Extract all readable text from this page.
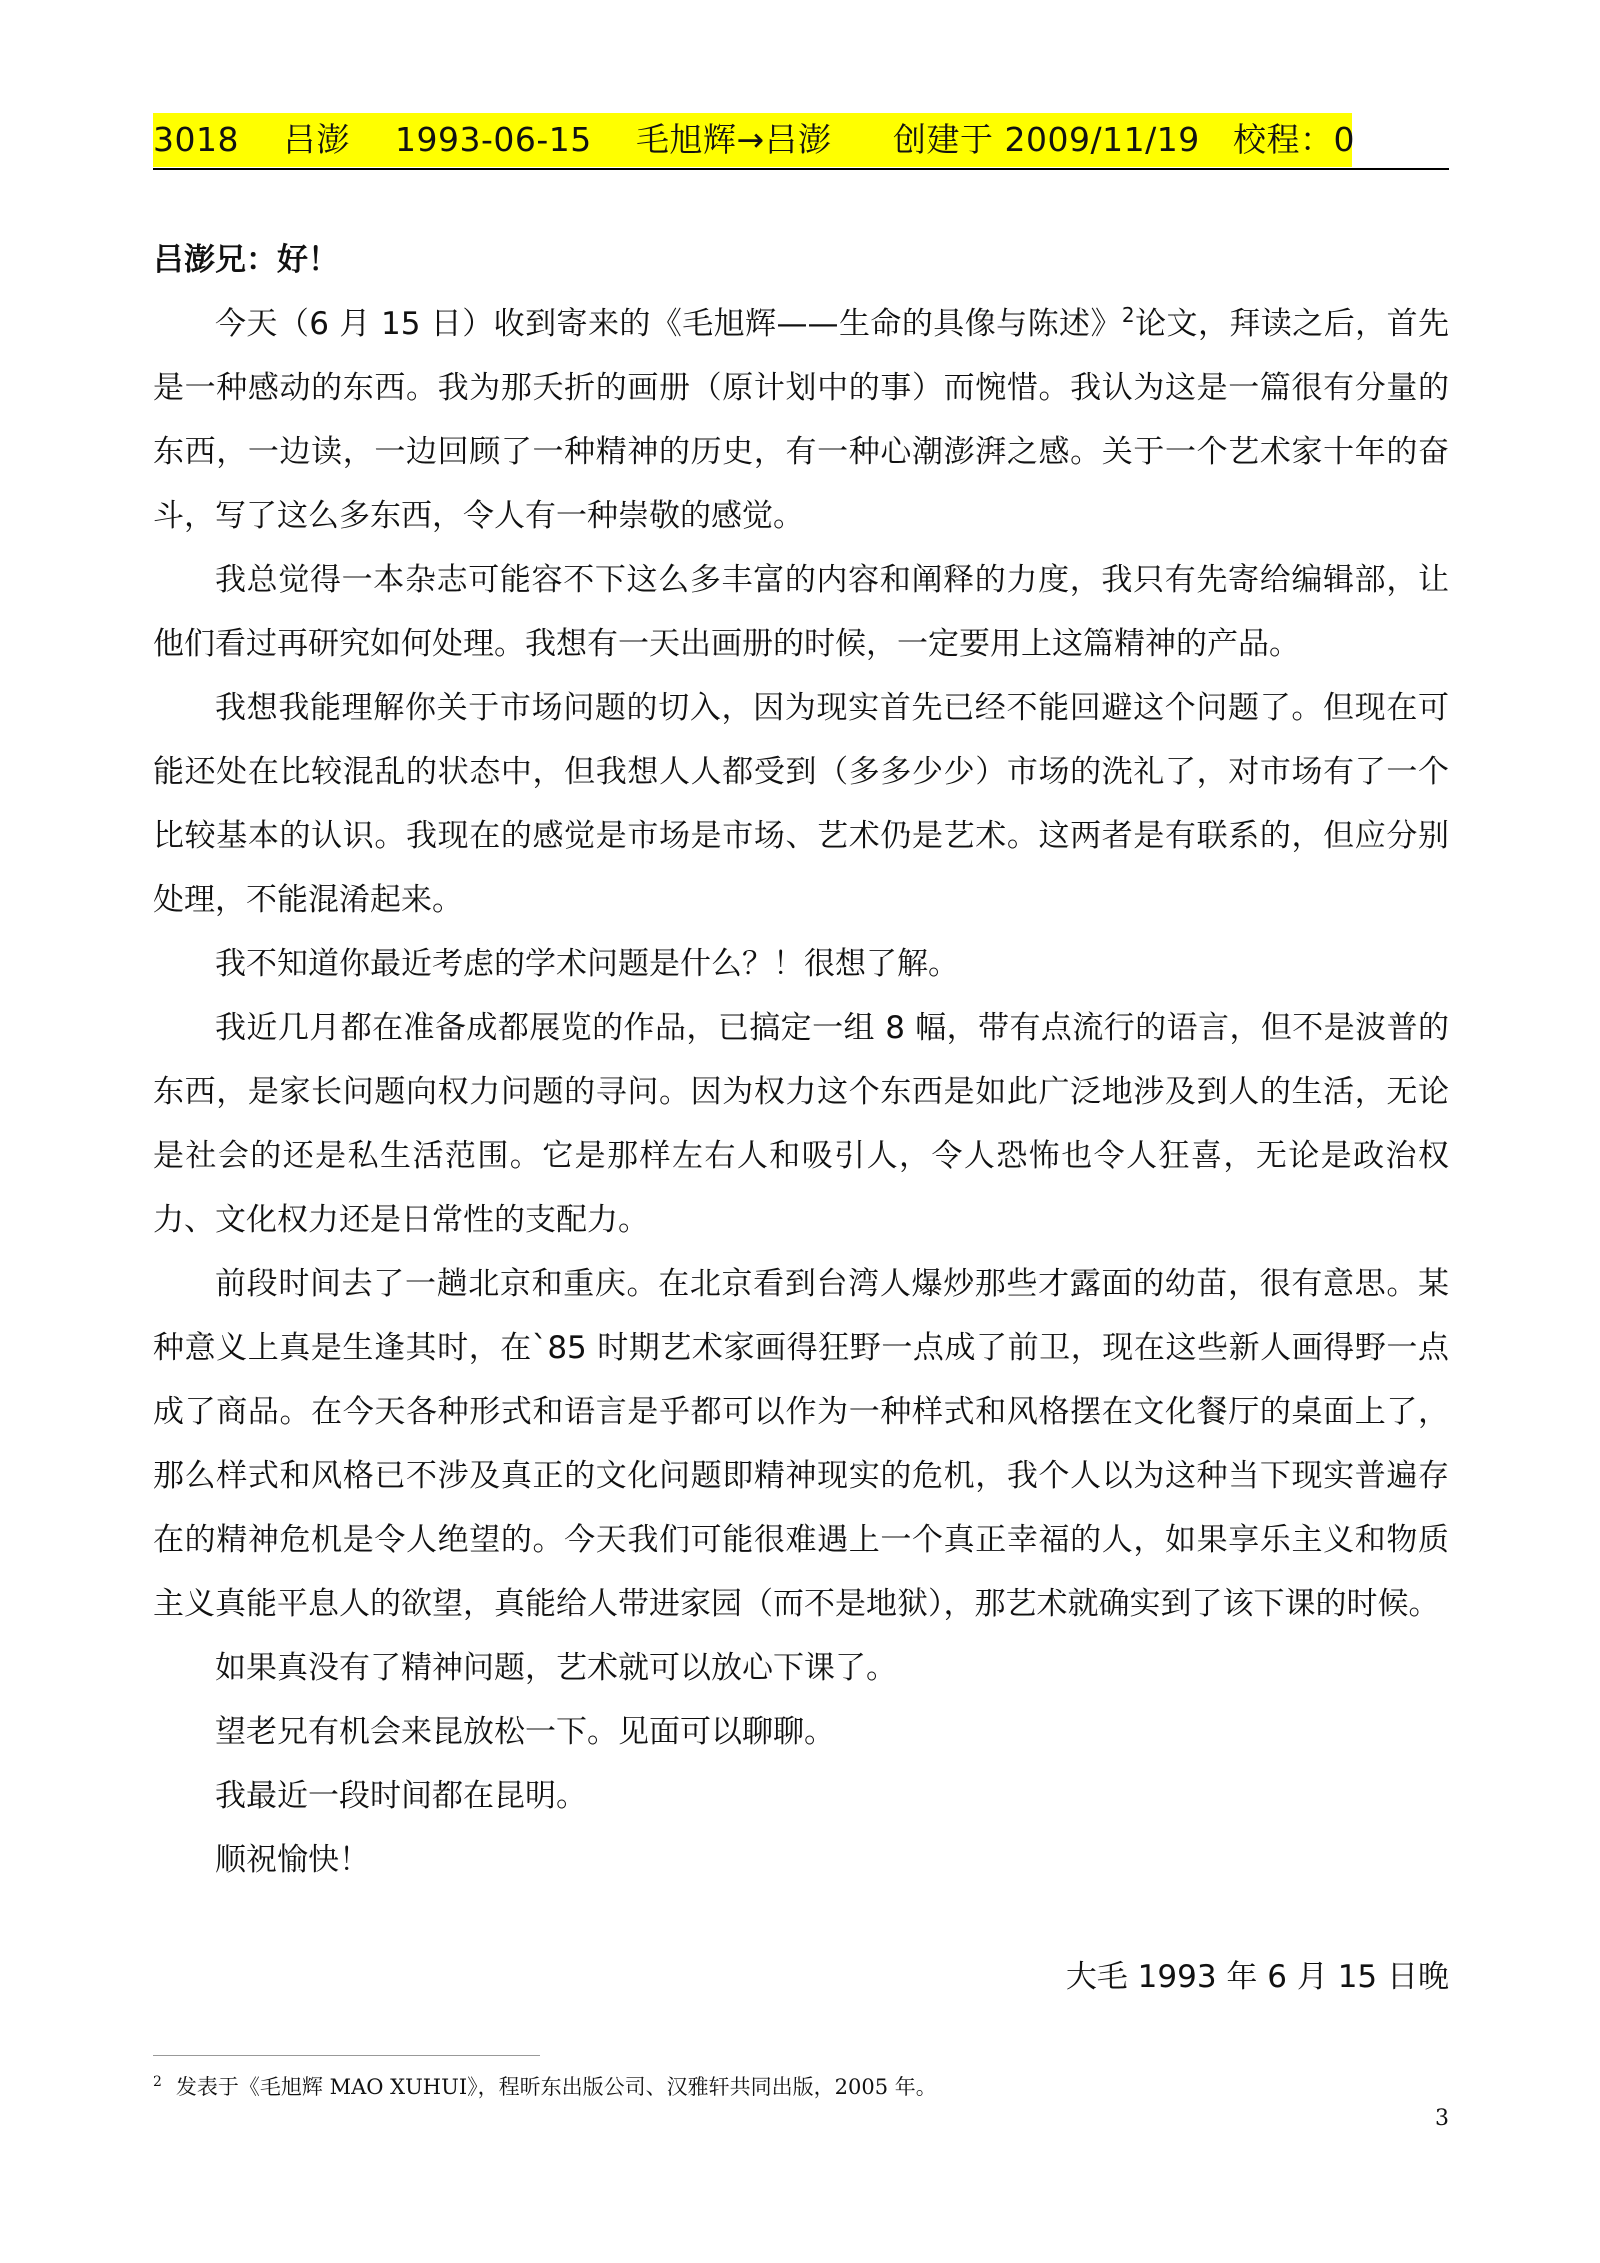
3018 吕澎 1993-06-15 毛旭辉→吕澎 创建于 2009/11/19 校程：0
吕澎兄：好！

今天（6 月 15 日）收到寄来的《毛旭辉——生命的具像与陈述》$^2$论文，拜读之后，首先是一种感动的东西。我为那夭折的画册（原计划中的事）而惋惜。我认为这是一篇很有分量的东西，一边读，一边回顾了一种精神的历史，有一种心潮澎湃之感。关于一个艺术家十年的奋斗，写了这么多东西，令人有一种崇敬的感觉。

我总觉得一本杂志可能容不下这么多丰富的内容和阐释的力度，我只有先寄给编辑部，让他们看过再研究如何处理。我想有一天出画册的时候，一定要用上这篇精神的产品。

我想我能理解你关于市场问题的切入，因为现实首先已经不能回避这个问题了。但现在可能还处在比较混乱的状态中，但我想人人都受到（多多少少）市场的洗礼了，对市场有了一个比较基本的认识。我现在的感觉是市场是市场、艺术仍是艺术。这两者是有联系的，但应分别处理，不能混淆起来。

我不知道你最近考虑的学术问题是什么？！很想了解。

我近几月都在准备成都展览的作品，已搞定一组 8 幅，带有点流行的语言，但不是波普的东西，是家长问题向权力问题的寻问。因为权力这个东西是如此广泛地涉及到人的生活，无论是社会的还是私生活范围。它是那样左右人和吸引人，令人恐怖也令人狂喜，无论是政治权力、文化权力还是日常性的支配力。

前段时间去了一趟北京和重庆。在北京看到台湾人爆炒那些才露面的幼苗，很有意思。某种意义上真是生逢其时，在`85 时期艺术家画得狂野一点成了前卫，现在这些新人画得野一点成了商品。在今天各种形式和语言是乎都可以作为一种样式和风格摆在文化餐厅的桌面上了，那么样式和风格已不涉及真正的文化问题即精神现实的危机，我个人以为这种当下现实普遍存在的精神危机是令人绝望的。今天我们可能很难遇上一个真正幸福的人，如果享乐主义和物质主义真能平息人的欲望，真能给人带进家园（而不是地狱），那艺术就确实到了该下课的时候。

如果真没有了精神问题，艺术就可以放心下课了。

望老兄有机会来昆放松一下。见面可以聊聊。

我最近一段时间都在昆明。

顺祝愉快！

大毛 1993 年 6 月 15 日晚
$^2$ 发表于《毛旭辉 MAO XUHUI》，程昕东出版公司、汉雅轩共同出版，2005 年。
3
